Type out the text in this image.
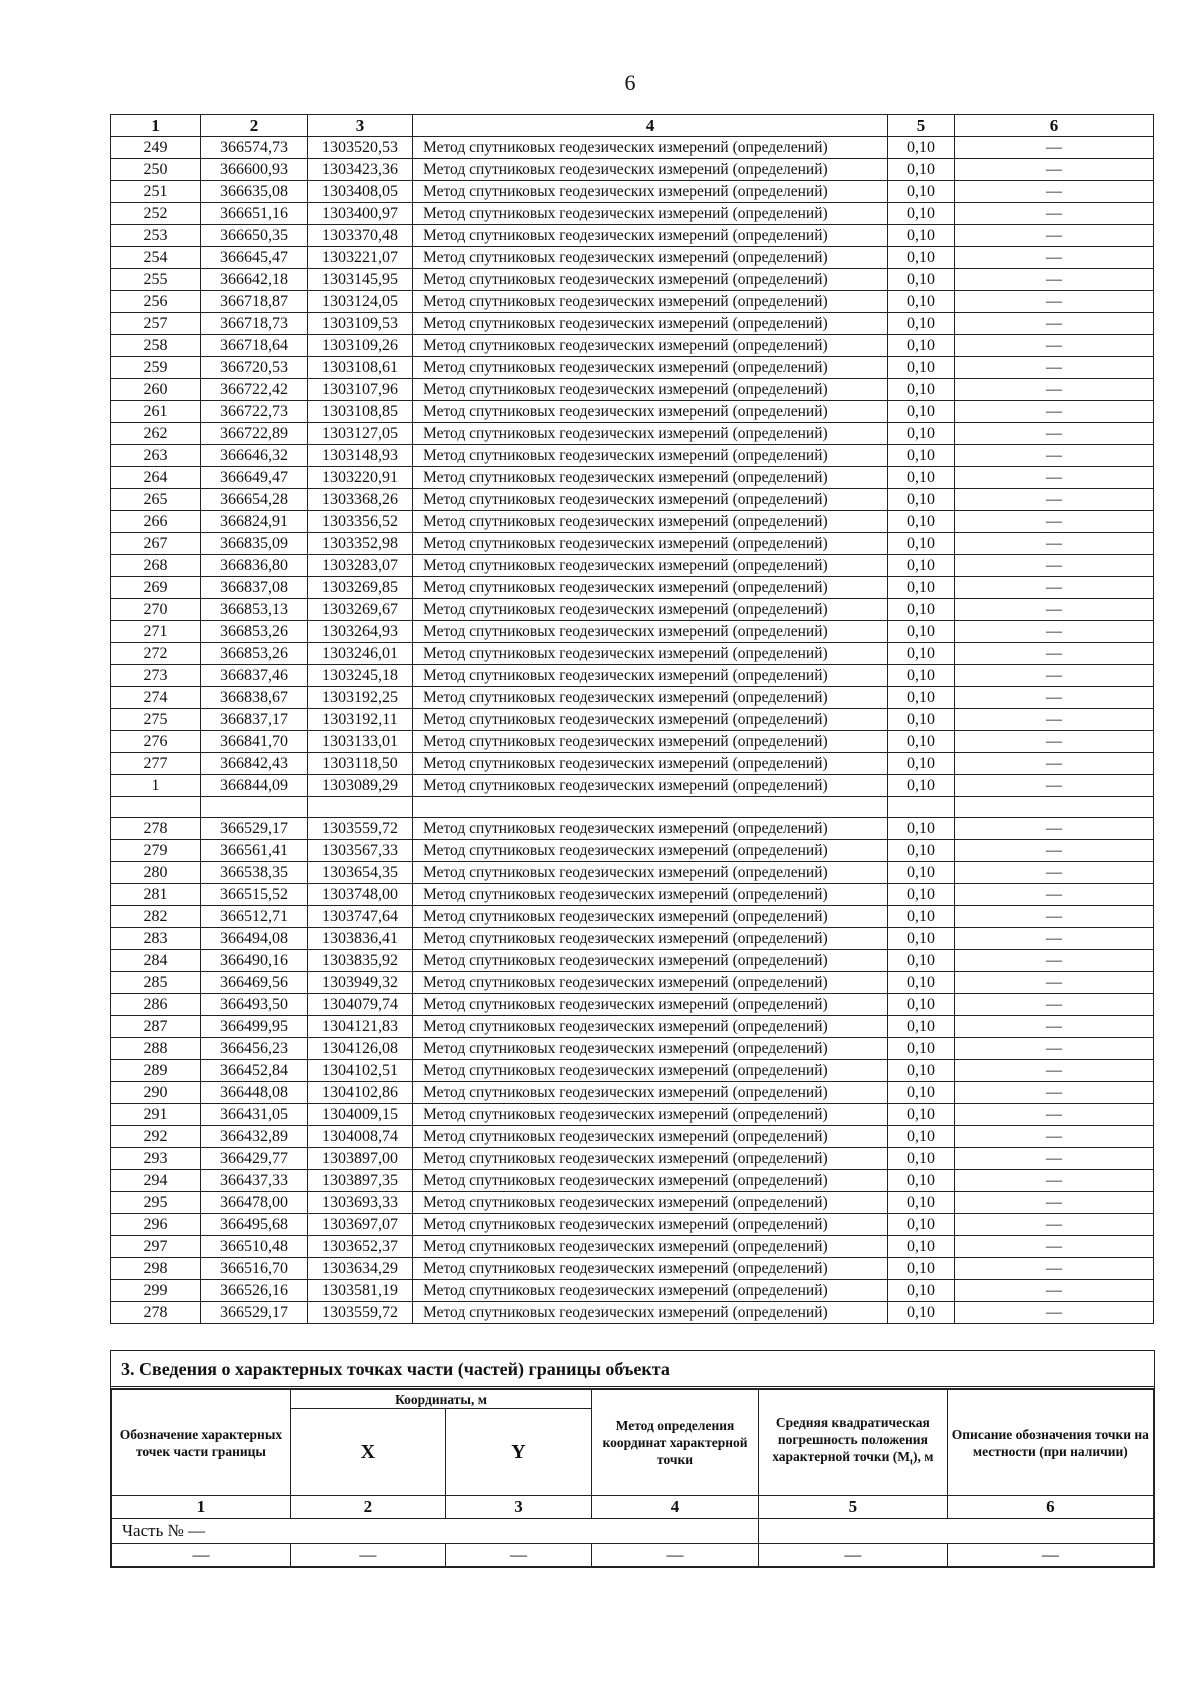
6
1	2	3	4	5	6
249	366574,73	1303520,53	Метод спутниковых геодезических измерений (определений)	0,10	—
250	366600,93	1303423,36	Метод спутниковых геодезических измерений (определений)	0,10	—
251	366635,08	1303408,05	Метод спутниковых геодезических измерений (определений)	0,10	—
252	366651,16	1303400,97	Метод спутниковых геодезических измерений (определений)	0,10	—
253	366650,35	1303370,48	Метод спутниковых геодезических измерений (определений)	0,10	—
254	366645,47	1303221,07	Метод спутниковых геодезических измерений (определений)	0,10	—
255	366642,18	1303145,95	Метод спутниковых геодезических измерений (определений)	0,10	—
256	366718,87	1303124,05	Метод спутниковых геодезических измерений (определений)	0,10	—
257	366718,73	1303109,53	Метод спутниковых геодезических измерений (определений)	0,10	—
258	366718,64	1303109,26	Метод спутниковых геодезических измерений (определений)	0,10	—
259	366720,53	1303108,61	Метод спутниковых геодезических измерений (определений)	0,10	—
260	366722,42	1303107,96	Метод спутниковых геодезических измерений (определений)	0,10	—
261	366722,73	1303108,85	Метод спутниковых геодезических измерений (определений)	0,10	—
262	366722,89	1303127,05	Метод спутниковых геодезических измерений (определений)	0,10	—
263	366646,32	1303148,93	Метод спутниковых геодезических измерений (определений)	0,10	—
264	366649,47	1303220,91	Метод спутниковых геодезических измерений (определений)	0,10	—
265	366654,28	1303368,26	Метод спутниковых геодезических измерений (определений)	0,10	—
266	366824,91	1303356,52	Метод спутниковых геодезических измерений (определений)	0,10	—
267	366835,09	1303352,98	Метод спутниковых геодезических измерений (определений)	0,10	—
268	366836,80	1303283,07	Метод спутниковых геодезических измерений (определений)	0,10	—
269	366837,08	1303269,85	Метод спутниковых геодезических измерений (определений)	0,10	—
270	366853,13	1303269,67	Метод спутниковых геодезических измерений (определений)	0,10	—
271	366853,26	1303264,93	Метод спутниковых геодезических измерений (определений)	0,10	—
272	366853,26	1303246,01	Метод спутниковых геодезических измерений (определений)	0,10	—
273	366837,46	1303245,18	Метод спутниковых геодезических измерений (определений)	0,10	—
274	366838,67	1303192,25	Метод спутниковых геодезических измерений (определений)	0,10	—
275	366837,17	1303192,11	Метод спутниковых геодезических измерений (определений)	0,10	—
276	366841,70	1303133,01	Метод спутниковых геодезических измерений (определений)	0,10	—
277	366842,43	1303118,50	Метод спутниковых геодезических измерений (определений)	0,10	—
1	366844,09	1303089,29	Метод спутниковых геодезических измерений (определений)	0,10	—

278	366529,17	1303559,72	Метод спутниковых геодезических измерений (определений)	0,10	—
279	366561,41	1303567,33	Метод спутниковых геодезических измерений (определений)	0,10	—
280	366538,35	1303654,35	Метод спутниковых геодезических измерений (определений)	0,10	—
281	366515,52	1303748,00	Метод спутниковых геодезических измерений (определений)	0,10	—
282	366512,71	1303747,64	Метод спутниковых геодезических измерений (определений)	0,10	—
283	366494,08	1303836,41	Метод спутниковых геодезических измерений (определений)	0,10	—
284	366490,16	1303835,92	Метод спутниковых геодезических измерений (определений)	0,10	—
285	366469,56	1303949,32	Метод спутниковых геодезических измерений (определений)	0,10	—
286	366493,50	1304079,74	Метод спутниковых геодезических измерений (определений)	0,10	—
287	366499,95	1304121,83	Метод спутниковых геодезических измерений (определений)	0,10	—
288	366456,23	1304126,08	Метод спутниковых геодезических измерений (определений)	0,10	—
289	366452,84	1304102,51	Метод спутниковых геодезических измерений (определений)	0,10	—
290	366448,08	1304102,86	Метод спутниковых геодезических измерений (определений)	0,10	—
291	366431,05	1304009,15	Метод спутниковых геодезических измерений (определений)	0,10	—
292	366432,89	1304008,74	Метод спутниковых геодезических измерений (определений)	0,10	—
293	366429,77	1303897,00	Метод спутниковых геодезических измерений (определений)	0,10	—
294	366437,33	1303897,35	Метод спутниковых геодезических измерений (определений)	0,10	—
295	366478,00	1303693,33	Метод спутниковых геодезических измерений (определений)	0,10	—
296	366495,68	1303697,07	Метод спутниковых геодезических измерений (определений)	0,10	—
297	366510,48	1303652,37	Метод спутниковых геодезических измерений (определений)	0,10	—
298	366516,70	1303634,29	Метод спутниковых геодезических измерений (определений)	0,10	—
299	366526,16	1303581,19	Метод спутниковых геодезических измерений (определений)	0,10	—
278	366529,17	1303559,72	Метод спутниковых геодезических измерений (определений)	0,10	—
3. Сведения о характерных точках части (частей) границы объекта
Обозначение характерных точек части границы	Координаты, м		Метод определения координат характерной точки	Средняя квадратическая погрешность положения характерной точки $(M_t)$, м	Описание обозначения точки на местности (при наличии)
	X	Y			
1	2	3	4	5	6
Часть № —					
—	—	—	—	—	—
